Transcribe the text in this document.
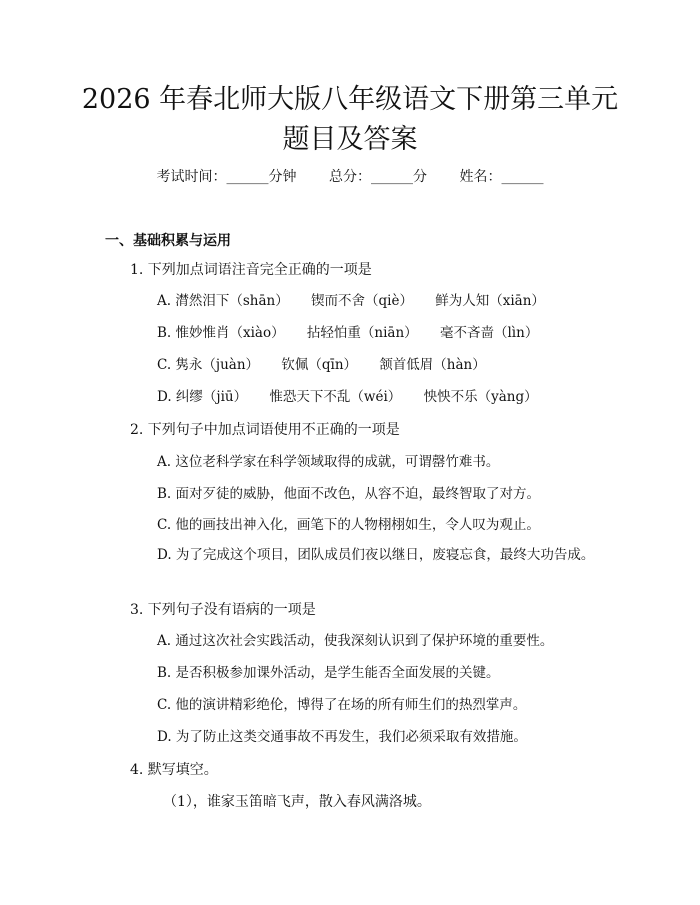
2026 年春北师大版八年级语文下册第三单元
题目及答案
考试时间：______分钟 总分：______分 姓名：______
一、基础积累与运用
1. 下列加点词语注音完全正确的一项是
A. 潸然泪下（shān） 锲而不舍（qiè） 鲜为人知（xiān）
B. 惟妙惟肖（xiào） 拈轻怕重（niān） 毫不吝啬（lìn）
C. 隽永（juàn） 钦佩（qīn） 颔首低眉（hàn）
D. 纠缪（jiū） 惟恐天下不乱（wéi） 怏怏不乐（yàng）
2. 下列句子中加点词语使用不正确的一项是
A. 这位老科学家在科学领域取得的成就，可谓罄竹难书。
B. 面对歹徒的威胁，他面不改色，从容不迫，最终智取了对方。
C. 他的画技出神入化，画笔下的人物栩栩如生，令人叹为观止。
D. 为了完成这个项目，团队成员们夜以继日，废寝忘食，最终大功告成。
3. 下列句子没有语病的一项是
A. 通过这次社会实践活动，使我深刻认识到了保护环境的重要性。
B. 是否积极参加课外活动，是学生能否全面发展的关键。
C. 他的演讲精彩绝伦，博得了在场的所有师生们的热烈掌声。
D. 为了防止这类交通事故不再发生，我们必须采取有效措施。
4. 默写填空。
（1），谁家玉笛暗飞声，散入春风满洛城。
